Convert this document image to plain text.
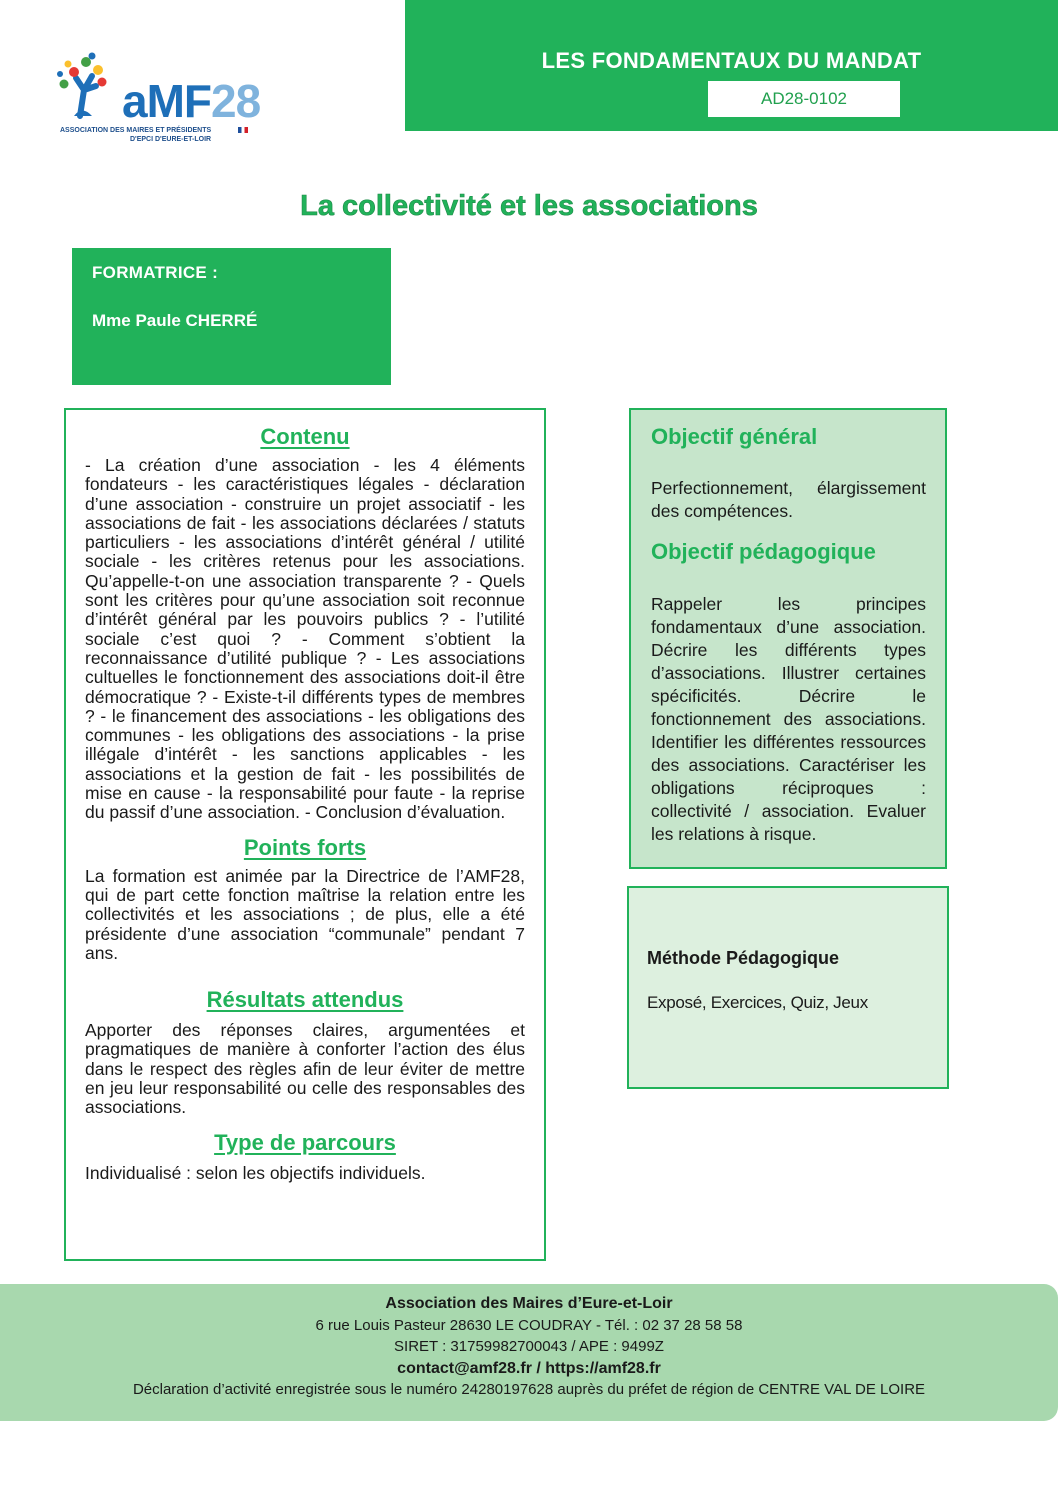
aMF28
ASSOCIATION DES MAIRES ET PRÉSIDENTS
D'EPCI D'EURE-ET-LOIR
LES FONDAMENTAUX DU MANDAT
AD28-0102
La collectivité et les associations
FORMATRICE :
Mme Paule CHERRÉ
Contenu
- La création d’une association - les 4 éléments fondateurs - les caractéristiques légales - déclaration d’une association - construire un projet associatif - les associations de fait - les associations déclarées / statuts particuliers - les associations d’intérêt général / utilité sociale - les critères retenus pour les associations. Qu’appelle-t-on une association transparente ? - Quels sont les critères pour qu’une association soit reconnue d’intérêt général par les pouvoirs publics ? - l’utilité sociale c’est quoi ? - Comment s’obtient la reconnaissance d’utilité publique ? - Les associations cultuelles le fonctionnement des associations doit-il être démocratique ? - Existe-t-il différents types de membres ? - le financement des associations - les obligations des communes - les obligations des associations - la prise illégale d’intérêt - les sanctions applicables - les associations et la gestion de fait - les possibilités de mise en cause - la responsabilité pour faute - la reprise du passif d’une association. - Conclusion d’évaluation.
Points forts
La formation est animée par la Directrice de l’AMF28, qui de part cette fonction maîtrise la relation entre les collectivités et les associations ; de plus, elle a été présidente d’une association “communale” pendant 7 ans.
Résultats attendus
Apporter des réponses claires, argumentées et pragmatiques de manière à conforter l’action des élus dans le respect des règles afin de leur éviter de mettre en jeu leur responsabilité ou celle des responsables des associations.
Type de parcours
Individualisé : selon les objectifs individuels.
Objectif général
Perfectionnement, élargissement des compétences.
Objectif pédagogique
Rappeler les principes fondamentaux d’une association. Décrire les différents types d’associations. Illustrer certaines spécificités. Décrire le fonctionnement des associations. Identifier les différentes ressources des associations. Caractériser les obligations réciproques : collectivité / association. Evaluer les relations à risque.
Méthode Pédagogique
Exposé, Exercices, Quiz, Jeux
Association des Maires d’Eure-et-Loir
6 rue Louis Pasteur 28630 LE COUDRAY - Tél. : 02 37 28 58 58
SIRET : 31759982700043 / APE : 9499Z
contact@amf28.fr / https://amf28.fr
Déclaration d’activité enregistrée sous le numéro 24280197628 auprès du préfet de région de CENTRE VAL DE LOIRE
